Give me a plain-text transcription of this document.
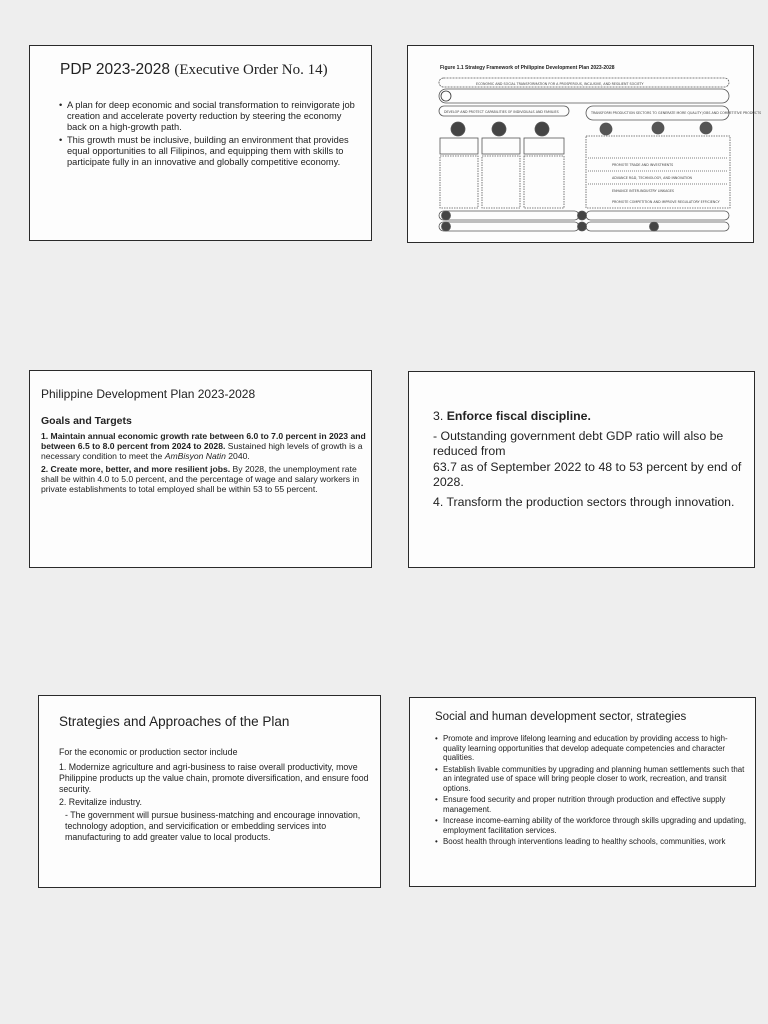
PDP 2023-2028 (Executive Order No. 14)
• A plan for deep economic and social transformation to reinvigorate job creation and accelerate poverty reduction by steering the economy back on a high-growth path.
• This growth must be inclusive, building an environment that provides equal opportunities to all Filipinos, and equipping them with skills to participate fully in an innovative and globally competitive economy.
Figure 1.1 Strategy Framework of Philippine Development Plan 2023-2028
ECONOMIC AND SOCIAL TRANSFORMATION FOR A PROSPEROUS, INCLUSIVE, AND RESILIENT SOCIETY
DEVELOP AND PROTECT CAPABILITIES OF INDIVIDUALS AND FAMILIES	TRANSFORM PRODUCTION SECTORS TO GENERATE MORE QUALITY JOBS AND COMPETITIVE PRODUCTS
PROMOTE TRADE AND INVESTMENTS
ADVANCE R&D, TECHNOLOGY, AND INNOVATION
ENHANCE INTER-INDUSTRY LINKAGES
PROMOTE COMPETITION AND IMPROVE REGULATORY EFFICIENCY
Philippine Development Plan 2023-2028
Goals and Targets

1. Maintain annual economic growth rate between 6.0 to 7.0 percent in 2023 and between 6.5 to 8.0 percent from 2024 to 2028. Sustained high levels of growth is a necessary condition to meet the AmBisyon Natin 2040.

2. Create more, better, and more resilient jobs. By 2028, the unemployment rate shall be within 4.0 to 5.0 percent, and the percentage of wage and salary workers in private establishments to total employed shall be within 53 to 55 percent.

3. Enforce fiscal discipline.

- Outstanding government debt GDP ratio will also be reduced from

63.7 as of September 2022 to 48 to 53 percent by end of 2028.

4. Transform the production sectors through innovation.

Strategies and Approaches of the Plan

For the economic or production sector include

1. Modernize agriculture and agri-business to raise overall productivity, move Philippine products up the value chain, promote diversification, and ensure food security.

2. Revitalize industry.

- The government will pursue business-matching and encourage innovation, technology adoption, and servicification or embedding services into manufacturing to add greater value to local products.

Social and human development sector, strategies
• Promote and improve lifelong learning and education by providing access to high-quality learning opportunities that develop adequate competencies and character qualities.
• Establish livable communities by upgrading and planning human settlements such that an integrated use of space will bring people closer to work, recreation, and transit options.
• Ensure food security and proper nutrition through production and effective supply management.
• Increase income-earning ability of the workforce through skills upgrading and updating, employment facilitation services.
• Boost health through interventions leading to healthy schools, communities, work
